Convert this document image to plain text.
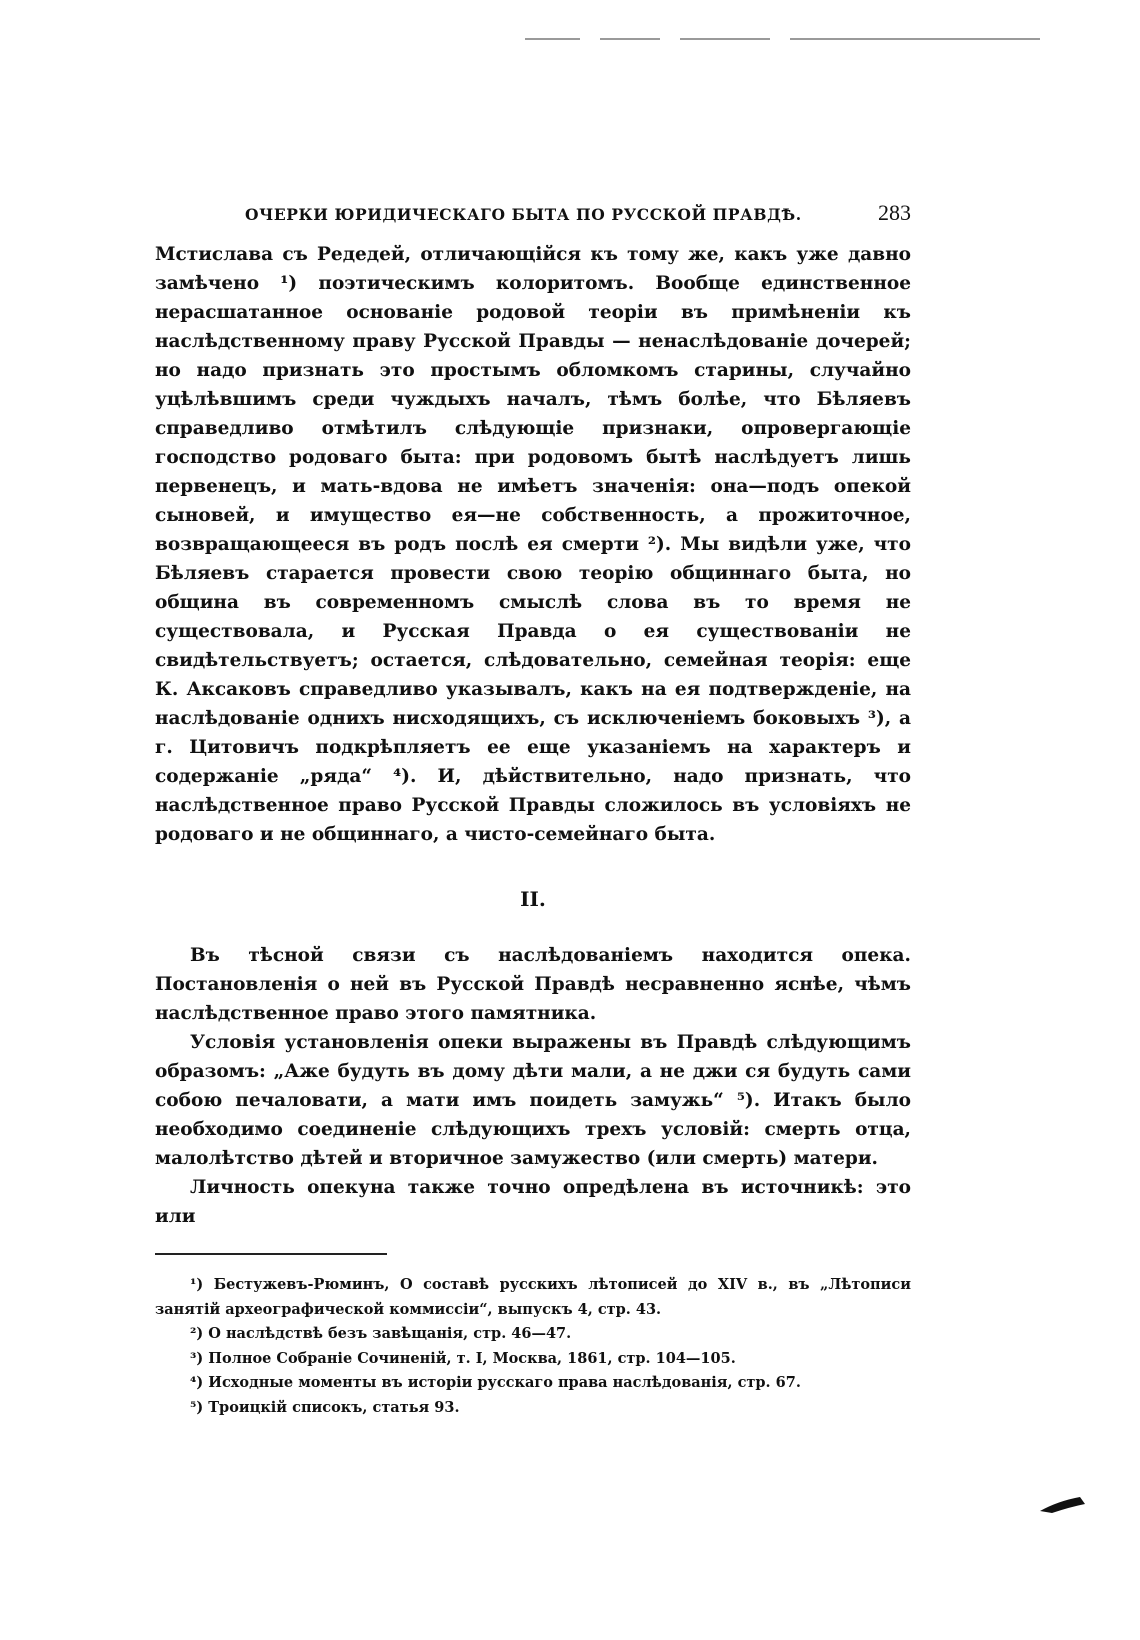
ОЧЕРКИ ЮРИДИЧЕСКАГО БЫТА ПО РУССКОЙ ПРАВДѢ.	283

Мстислава съ Редедей, отличающійся къ тому же, какъ уже давно замѣчено ¹) поэтическимъ колоритомъ. Вообще единственное нерасшатанное основаніе родовой теоріи въ примѣненіи къ наслѣдственному праву Русской Правды — ненаслѣдованіе дочерей; но надо признать это простымъ обломкомъ старины, случайно уцѣлѣвшимъ среди чуждыхъ началъ, тѣмъ болѣе, что Бѣляевъ справедливо отмѣтилъ слѣдующіе признаки, опровергающіе господство родоваго быта: при родовомъ бытѣ наслѣдуетъ лишь первенецъ, и мать-вдова не имѣетъ значенія: она—подъ опекой сыновей, и имущество ея—не собственность, а прожиточное, возвращающееся въ родъ послѣ ея смерти ²). Мы видѣли уже, что Бѣляевъ старается провести свою теорію общиннаго быта, но община въ современномъ смыслѣ слова въ то время не существовала, и Русская Правда о ея существованіи не свидѣтельствуетъ; остается, слѣдовательно, семейная теорія: еще К. Аксаковъ справедливо указывалъ, какъ на ея подтвержденіе, на наслѣдованіе однихъ нисходящихъ, съ исключеніемъ боковыхъ ³), а г. Цитовичъ подкрѣпляетъ ее еще указаніемъ на характеръ и содержаніе „ряда“ ⁴). И, дѣйствительно, надо признать, что наслѣдственное право Русской Правды сложилось въ условіяхъ не родоваго и не общиннаго, а чисто-семейнаго быта.

II.

Въ тѣсной связи съ наслѣдованіемъ находится опека. Постановленія о ней въ Русской Правдѣ несравненно яснѣе, чѣмъ наслѣдственное право этого памятника.

Условія установленія опеки выражены въ Правдѣ слѣдующимъ образомъ: „Аже будуть въ дому дѣти мали, а не джи ся будуть сами собою печаловати, а мати имъ поидеть замужь“ ⁵). Итакъ было необходимо соединеніе слѣдующихъ трехъ условій: смерть отца, малолѣтство дѣтей и вторичное замужество (или смерть) матери.

Личность опекуна также точно опредѣлена въ источникѣ: это или

¹) Бестужевъ-Рюминъ, О составѣ русскихъ лѣтописей до XIV в., въ „Лѣтописи занятій археографической коммиссіи“, выпускъ 4, стр. 43.

²) О наслѣдствѣ безъ завѣщанія, стр. 46—47.

³) Полное Собраніе Сочиненій, т. I, Москва, 1861, стр. 104—105.

⁴) Исходные моменты въ исторіи русскаго права наслѣдованія, стр. 67.

⁵) Троицкій списокъ, статья 93.
